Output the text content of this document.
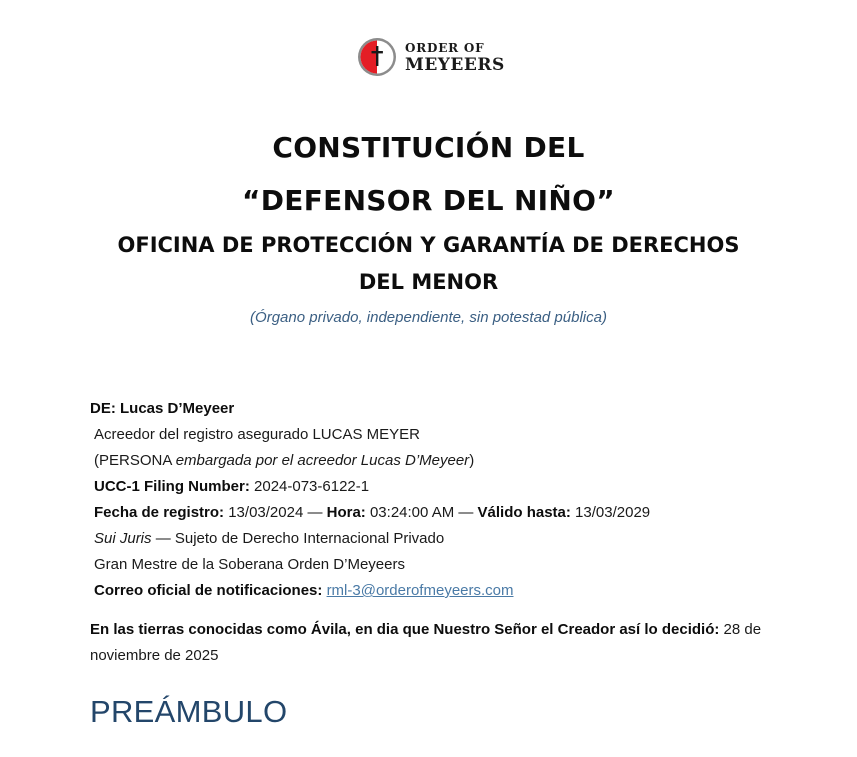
ORDER OF
MEYEERS
CONSTITUCIÓN DEL
“DEFENSOR DEL NIÑO”
OFICINA DE PROTECCIÓN Y GARANTÍA DE DERECHOS
DEL MENOR
(Órgano privado, independiente, sin potestad pública)
DE: Lucas D’Meyeer
Acreedor del registro asegurado LUCAS MEYER
(PERSONA embargada por el acreedor Lucas D’Meyeer)
UCC-1 Filing Number: 2024-073-6122-1
Fecha de registro: 13/03/2024 — Hora: 03:24:00 AM — Válido hasta: 13/03/2029
Sui Juris — Sujeto de Derecho Internacional Privado
Gran Mestre de la Soberana Orden D’Meyeers
Correo oficial de notificaciones: rml-3@orderofmeyeers.com
En las tierras conocidas como Ávila, en dia que Nuestro Señor el Creador así lo decidió: 28 de noviembre de 2025
PREÁMBULO
